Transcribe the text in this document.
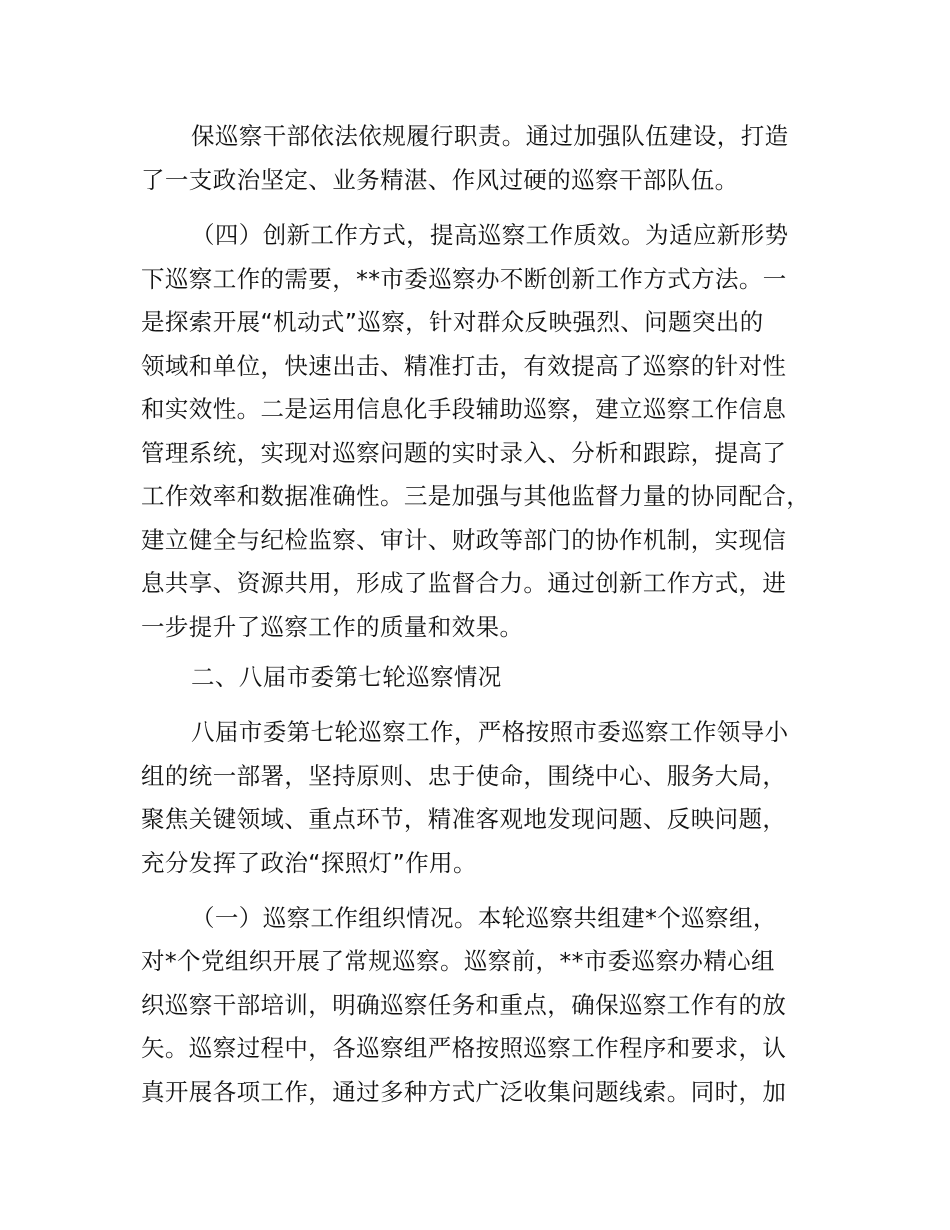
保巡察干部依法依规履行职责。通过加强队伍建设，打造
了一支政治坚定、业务精湛、作风过硬的巡察干部队伍。
（四）创新工作方式，提高巡察工作质效。为适应新形势
下巡察工作的需要，**市委巡察办不断创新工作方式方法。一
是探索开展“机动式”巡察，针对群众反映强烈、问题突出的
领域和单位，快速出击、精准打击，有效提高了巡察的针对性
和实效性。二是运用信息化手段辅助巡察，建立巡察工作信息
管理系统，实现对巡察问题的实时录入、分析和跟踪，提高了
工作效率和数据准确性。三是加强与其他监督力量的协同配合，
建立健全与纪检监察、审计、财政等部门的协作机制，实现信
息共享、资源共用，形成了监督合力。通过创新工作方式，进
一步提升了巡察工作的质量和效果。
二、八届市委第七轮巡察情况
八届市委第七轮巡察工作，严格按照市委巡察工作领导小
组的统一部署，坚持原则、忠于使命，围绕中心、服务大局，
聚焦关键领域、重点环节，精准客观地发现问题、反映问题，
充分发挥了政治“探照灯”作用。
（一）巡察工作组织情况。本轮巡察共组建*个巡察组，
对*个党组织开展了常规巡察。巡察前，**市委巡察办精心组
织巡察干部培训，明确巡察任务和重点，确保巡察工作有的放
矢。巡察过程中，各巡察组严格按照巡察工作程序和要求，认
真开展各项工作，通过多种方式广泛收集问题线索。同时，加
